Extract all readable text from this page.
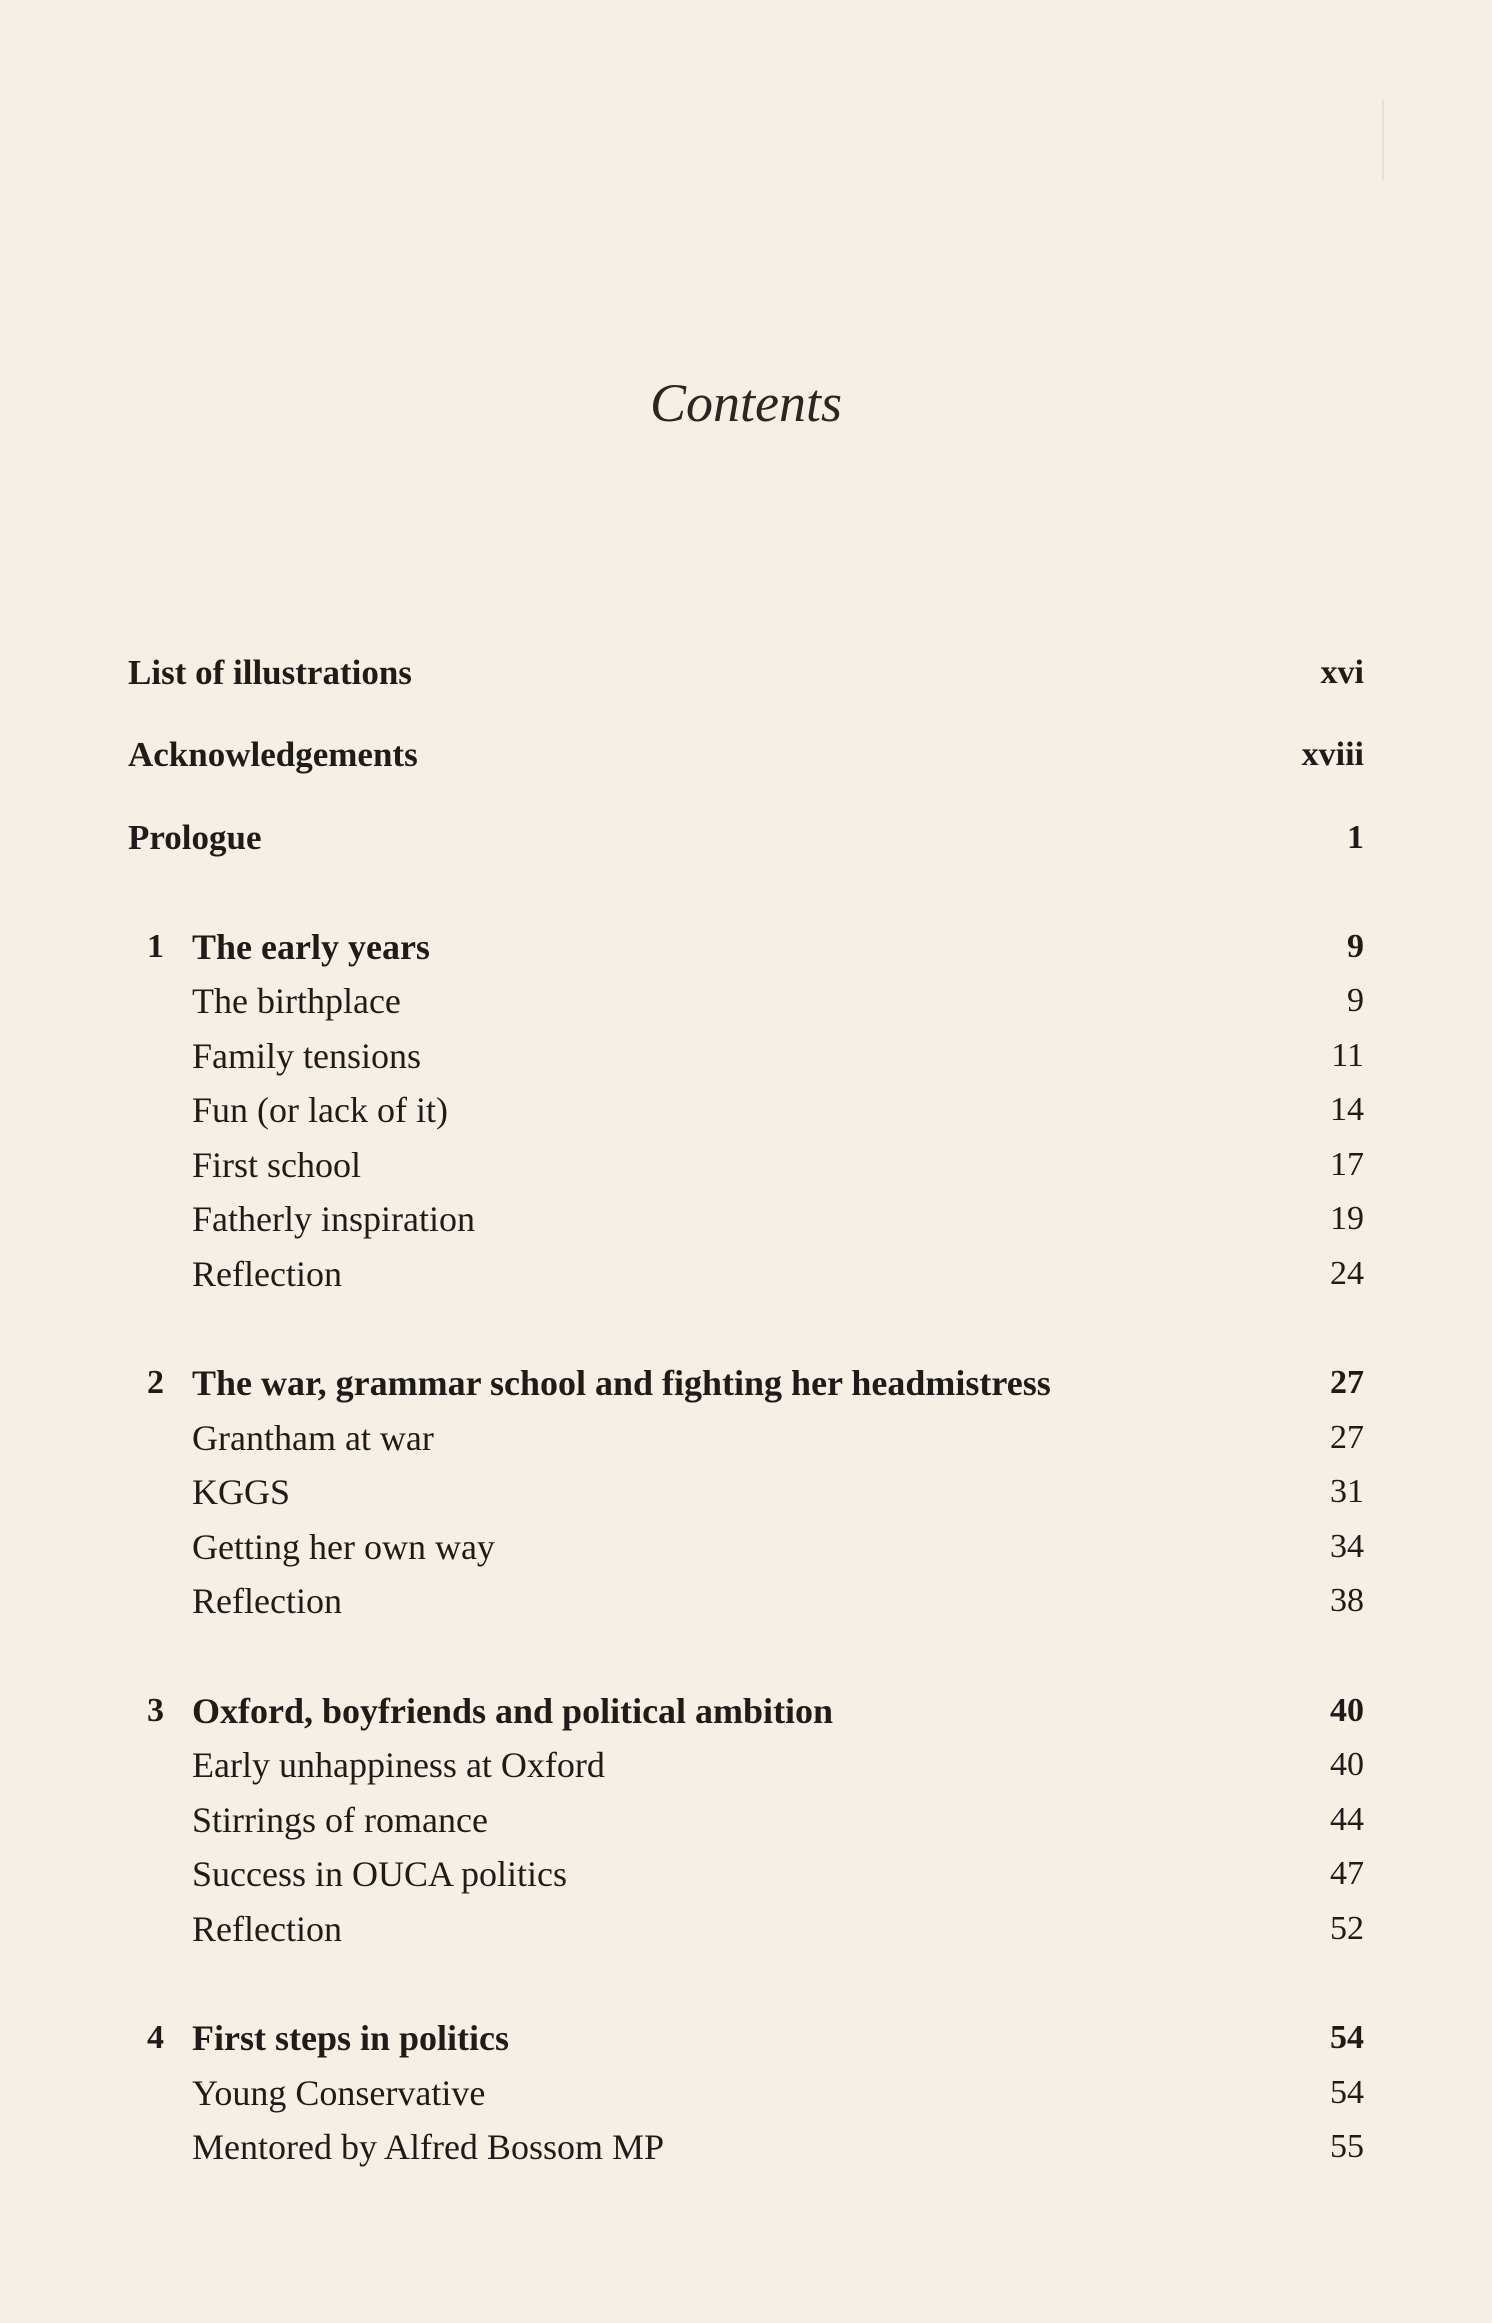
Contents
List of illustrations	xvi
Acknowledgements	xviii
Prologue	1
1 The early years	9
The birthplace	9
Family tensions	11
Fun (or lack of it)	14
First school	17
Fatherly inspiration	19
Reflection	24
2 The war, grammar school and fighting her headmistress	27
Grantham at war	27
KGGS	31
Getting her own way	34
Reflection	38
3 Oxford, boyfriends and political ambition	40
Early unhappiness at Oxford	40
Stirrings of romance	44
Success in OUCA politics	47
Reflection	52
4 First steps in politics	54
Young Conservative	54
Mentored by Alfred Bossom MP	55
